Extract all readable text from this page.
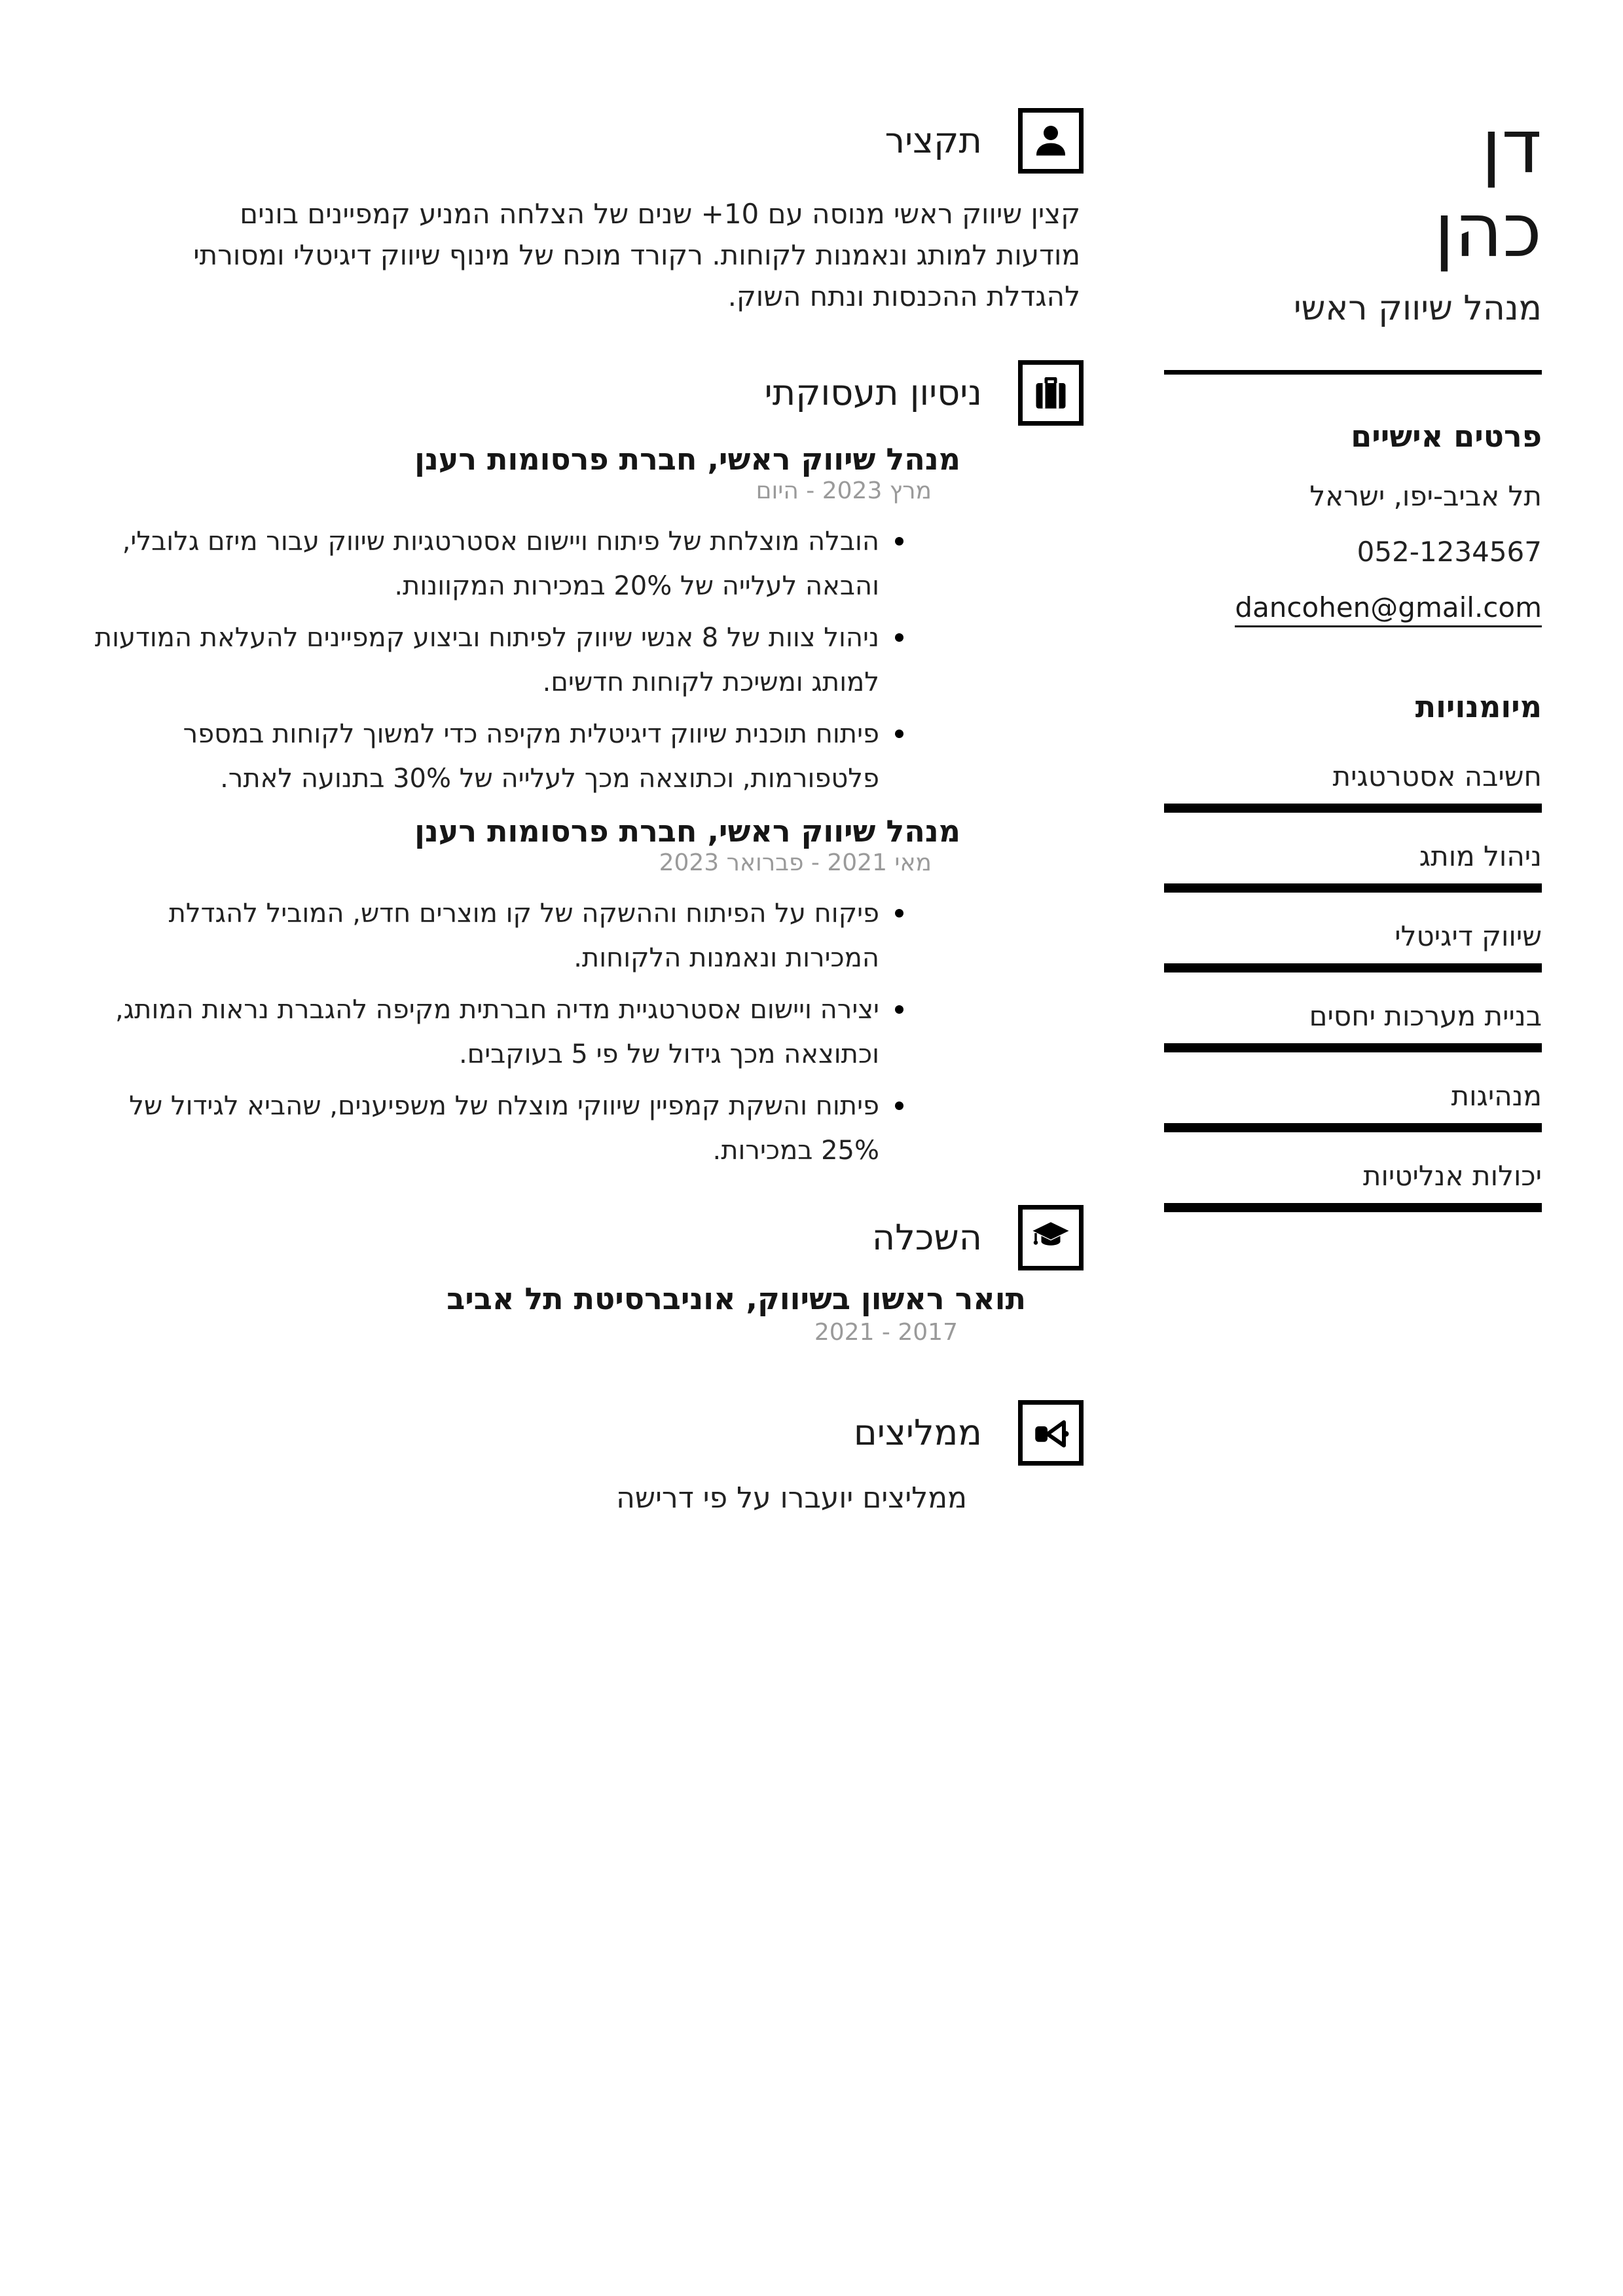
דן
כהן
מנהל שיווק ראשי
פרטים אישיים
תל אביב-יפו, ישראל
052-1234567
dancohen@gmail.com
מיומנויות
חשיבה אסטרטגית
ניהול מותג
שיווק דיגיטלי
בניית מערכות יחסים
מנהיגות
יכולות אנליטיות
תקציר

קצין שיווק ראשי מנוסה עם 10+ שנים של הצלחה המניע קמפיינים בונים מודעות למותג ונאמנות לקוחות. רקורד מוכח של מינוף שיווק דיגיטלי ומסורתי להגדלת ההכנסות ונתח השוק.

ניסיון תעסוקתי
מנהל שיווק ראשי, חברת פרסומות רענן
מרץ 2023 - היום
הובלה מוצלחת של פיתוח ויישום אסטרטגיות שיווק עבור מיזם גלובלי, והבאה לעלייה של 20% במכירות המקוונות.
ניהול צוות של 8 אנשי שיווק לפיתוח וביצוע קמפיינים להעלאת המודעות למותג ומשיכת לקוחות חדשים.
פיתוח תוכנית שיווק דיגיטלית מקיפה כדי למשוך לקוחות במספר פלטפורמות, וכתוצאה מכך לעלייה של 30% בתנועה לאתר.
מנהל שיווק ראשי, חברת פרסומות רענן
מאי 2021 - פברואר 2023
פיקוח על הפיתוח וההשקה של קו מוצרים חדש, המוביל להגדלת המכירות ונאמנות הלקוחות.
יצירה ויישום אסטרטגיית מדיה חברתית מקיפה להגברת נראות המותג, וכתוצאה מכך גידול של פי 5 בעוקבים.
פיתוח והשקת קמפיין שיווקי מוצלח של משפיענים, שהביא לגידול של 25% במכירות.
השכלה
תואר ראשון בשיווק, אוניברסיטת תל אביב
2017 - 2021
ממליצים

ממליצים יועברו על פי דרישה
